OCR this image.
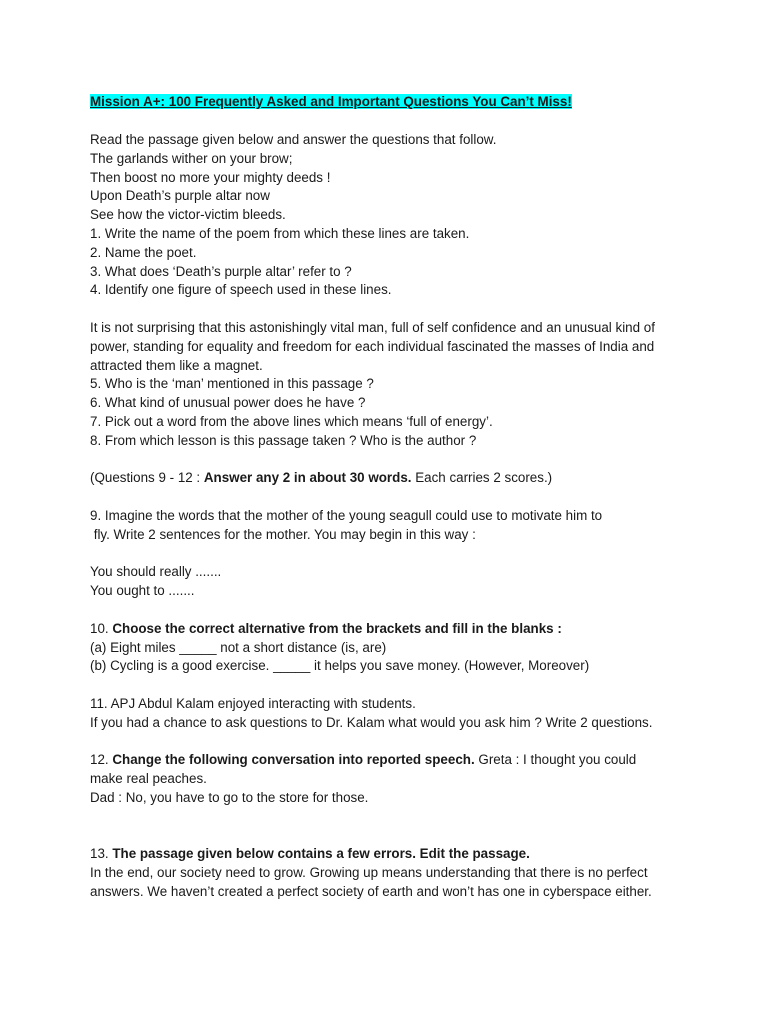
Mission A+: 100 Frequently Asked and Important Questions You Can’t Miss!

Read the passage given below and answer the questions that follow.

The garlands wither on your brow;

Then boost no more your mighty deeds !

Upon Death’s purple altar now

See how the victor-victim bleeds.

1. Write the name of the poem from which these lines are taken.

2. Name the poet.

3. What does ‘Death’s purple altar’ refer to ?

4. Identify one figure of speech used in these lines.

It is not surprising that this astonishingly vital man, full of self confidence and an unusual kind of

power, standing for equality and freedom for each individual fascinated the masses of India and

attracted them like a magnet.

5. Who is the ‘man’ mentioned in this passage ?

6. What kind of unusual power does he have ?

7. Pick out a word from the above lines which means ‘full of energy’.

8. From which lesson is this passage taken ? Who is the author ?

(Questions 9 - 12 : Answer any 2 in about 30 words. Each carries 2 scores.)

9. Imagine the words that the mother of the young seagull could use to motivate him to

fly. Write 2 sentences for the mother. You may begin in this way :

You should really .......

You ought to .......

10. Choose the correct alternative from the brackets and fill in the blanks :

(a) Eight miles _____ not a short distance (is, are)

(b) Cycling is a good exercise. _____ it helps you save money. (However, Moreover)

11. APJ Abdul Kalam enjoyed interacting with students.

If you had a chance to ask questions to Dr. Kalam what would you ask him ? Write 2 questions.

12. Change the following conversation into reported speech. Greta : I thought you could

make real peaches.

Dad : No, you have to go to the store for those.

13. The passage given below contains a few errors. Edit the passage.

In the end, our society need to grow. Growing up means understanding that there is no perfect

answers. We haven’t created a perfect society of earth and won’t has one in cyberspace either.
